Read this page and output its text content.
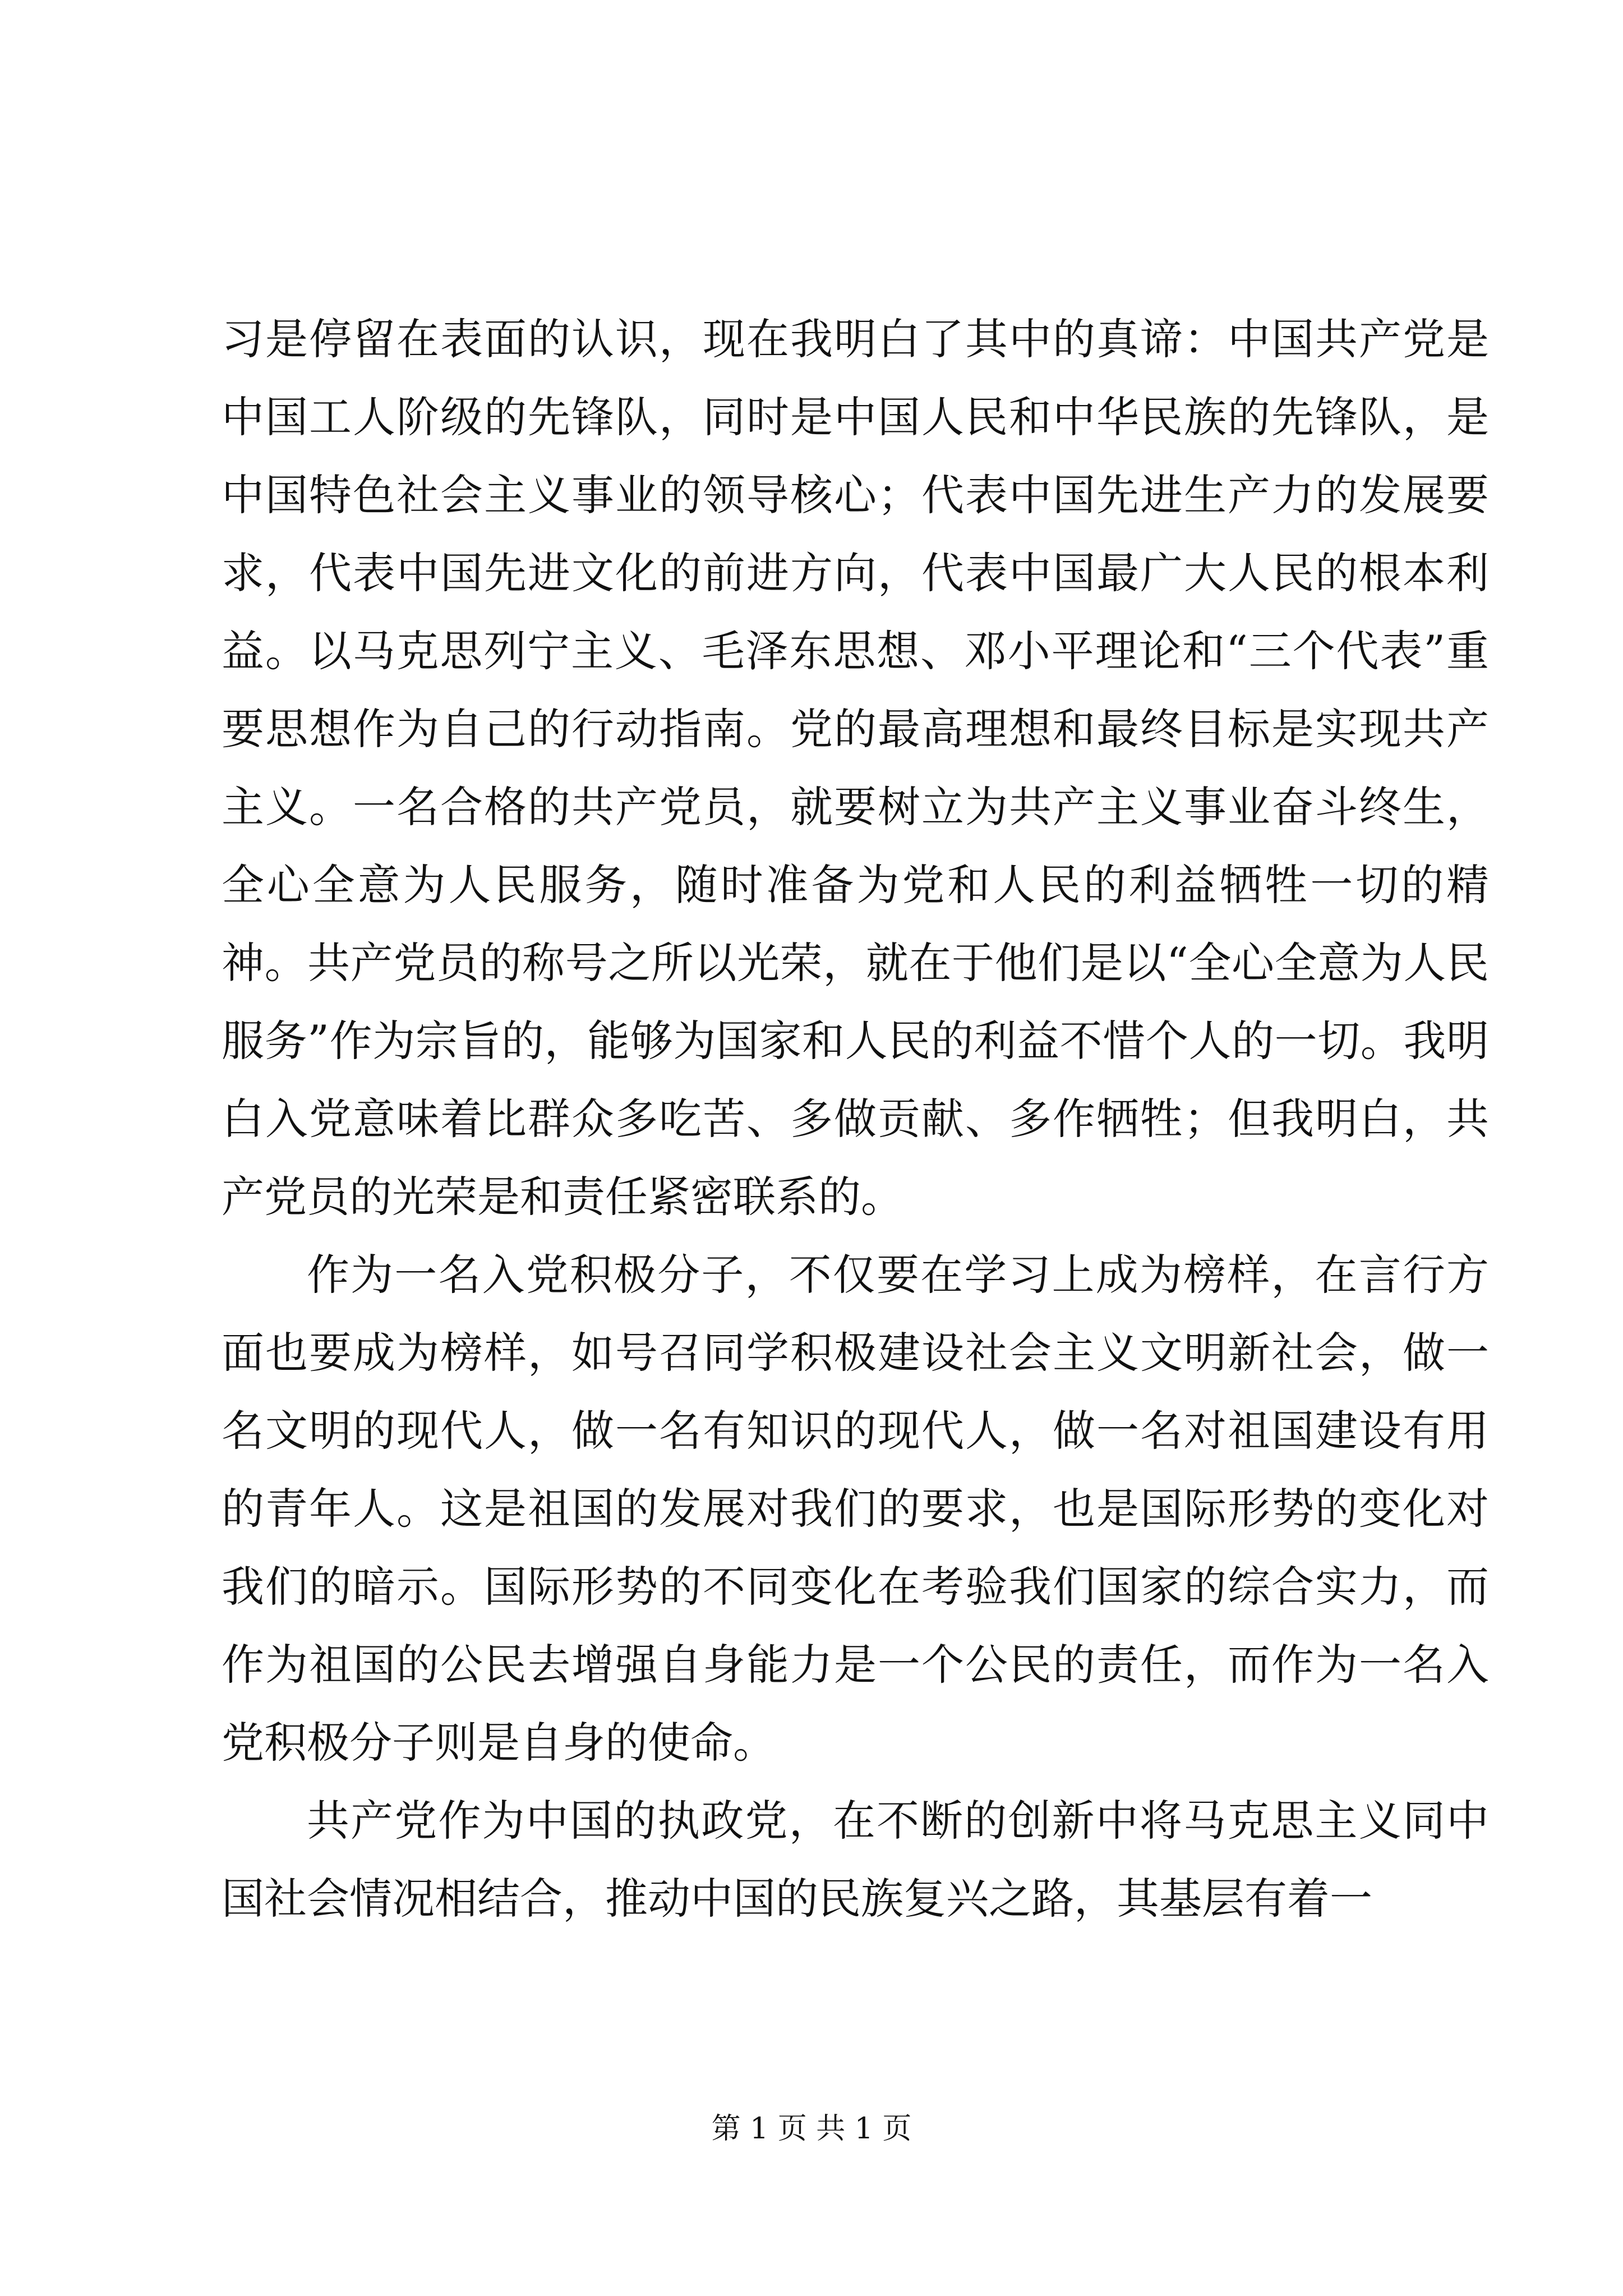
习是停留在表面的认识，现在我明白了其中的真谛：中国共产党是中国工人阶级的先锋队，同时是中国人民和中华民族的先锋队，是中国特色社会主义事业的领导核心；代表中国先进生产力的发展要求，代表中国先进文化的前进方向，代表中国最广大人民的根本利益。以马克思列宁主义、毛泽东思想、邓小平理论和“三个代表”重要思想作为自己的行动指南。党的最高理想和最终目标是实现共产主义。一名合格的共产党员，就要树立为共产主义事业奋斗终生，全心全意为人民服务，随时准备为党和人民的利益牺牲一切的精神。共产党员的称号之所以光荣，就在于他们是以“全心全意为人民服务”作为宗旨的，能够为国家和人民的利益不惜个人的一切。我明白入党意味着比群众多吃苦、多做贡献、多作牺牲；但我明白，共产党员的光荣是和责任紧密联系的。

作为一名入党积极分子，不仅要在学习上成为榜样，在言行方面也要成为榜样，如号召同学积极建设社会主义文明新社会，做一名文明的现代人，做一名有知识的现代人，做一名对祖国建设有用的青年人。这是祖国的发展对我们的要求，也是国际形势的变化对我们的暗示。国际形势的不同变化在考验我们国家的综合实力，而作为祖国的公民去增强自身能力是一个公民的责任，而作为一名入党积极分子则是自身的使命。

共产党作为中国的执政党，在不断的创新中将马克思主义同中国社会情况相结合，推动中国的民族复兴之路，其基层有着一

第 1 页 共 1 页
